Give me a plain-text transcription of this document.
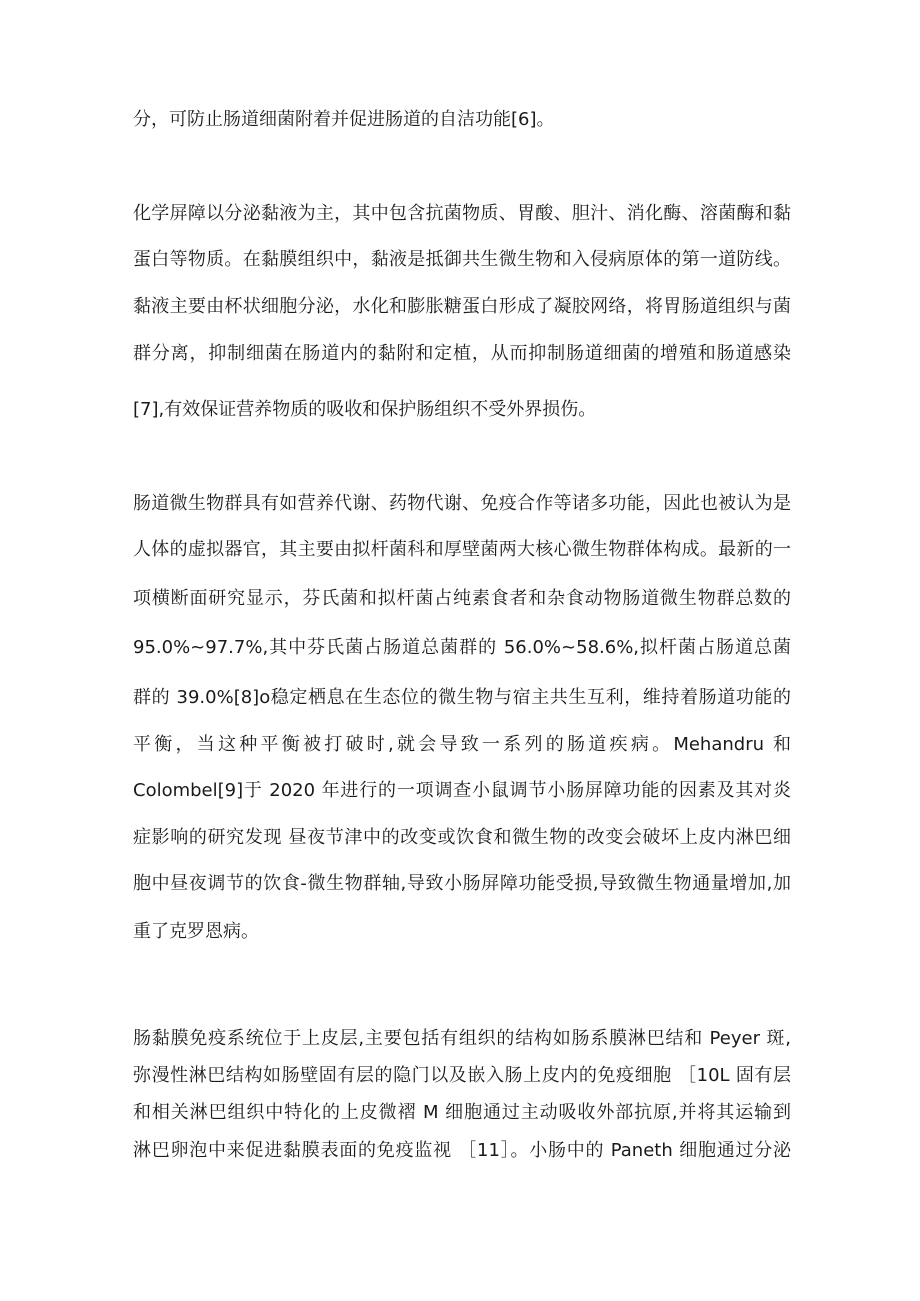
分，可防止肠道细菌附着并促进肠道的自洁功能[6]。
化学屏障以分泌黏液为主，其中包含抗菌物质、胃酸、胆汁、消化酶、溶菌酶和黏
蛋白等物质。在黏膜组织中，黏液是抵御共生微生物和入侵病原体的第一道防线。
黏液主要由杯状细胞分泌，水化和膨胀糖蛋白形成了凝胶网络，将胃肠道组织与菌
群分离，抑制细菌在肠道内的黏附和定植，从而抑制肠道细菌的增殖和肠道感染
[7],有效保证营养物质的吸收和保护肠组织不受外界损伤。
肠道微生物群具有如营养代谢、药物代谢、免疫合作等诸多功能，因此也被认为是
人体的虚拟器官，其主要由拟杆菌科和厚壁菌两大核心微生物群体构成。最新的一
项横断面研究显示，芬氏菌和拟杆菌占纯素食者和杂食动物肠道微生物群总数的
95.0%~97.7%,其中芬氏菌占肠道总菌群的 56.0%~58.6%,拟杆菌占肠道总菌
群的 39.0%[8]o稳定栖息在生态位的微生物与宿主共生互利，维持着肠道功能的
平衡，当这种平衡被打破时,就会导致一系列的肠道疾病。Mehandru 和
Colombel[9]于 2020 年进行的一项调查小鼠调节小肠屏障功能的因素及其对炎
症影响的研究发现 昼夜节津中的改变或饮食和微生物的改变会破坏上皮内淋巴细
胞中昼夜调节的饮食-微生物群轴,导致小肠屏障功能受损,导致微生物通量增加,加
重了克罗恩病。
肠黏膜免疫系统位于上皮层,主要包括有组织的结构如肠系膜淋巴结和 Peyer 斑,
弥漫性淋巴结构如肠壁固有层的隐门以及嵌入肠上皮内的免疫细胞 ［10L 固有层
和相关淋巴组织中特化的上皮微褶 M 细胞通过主动吸收外部抗原,并将其运输到
淋巴卵泡中来促进黏膜表面的免疫监视 ［11］。小肠中的 Paneth 细胞通过分泌
